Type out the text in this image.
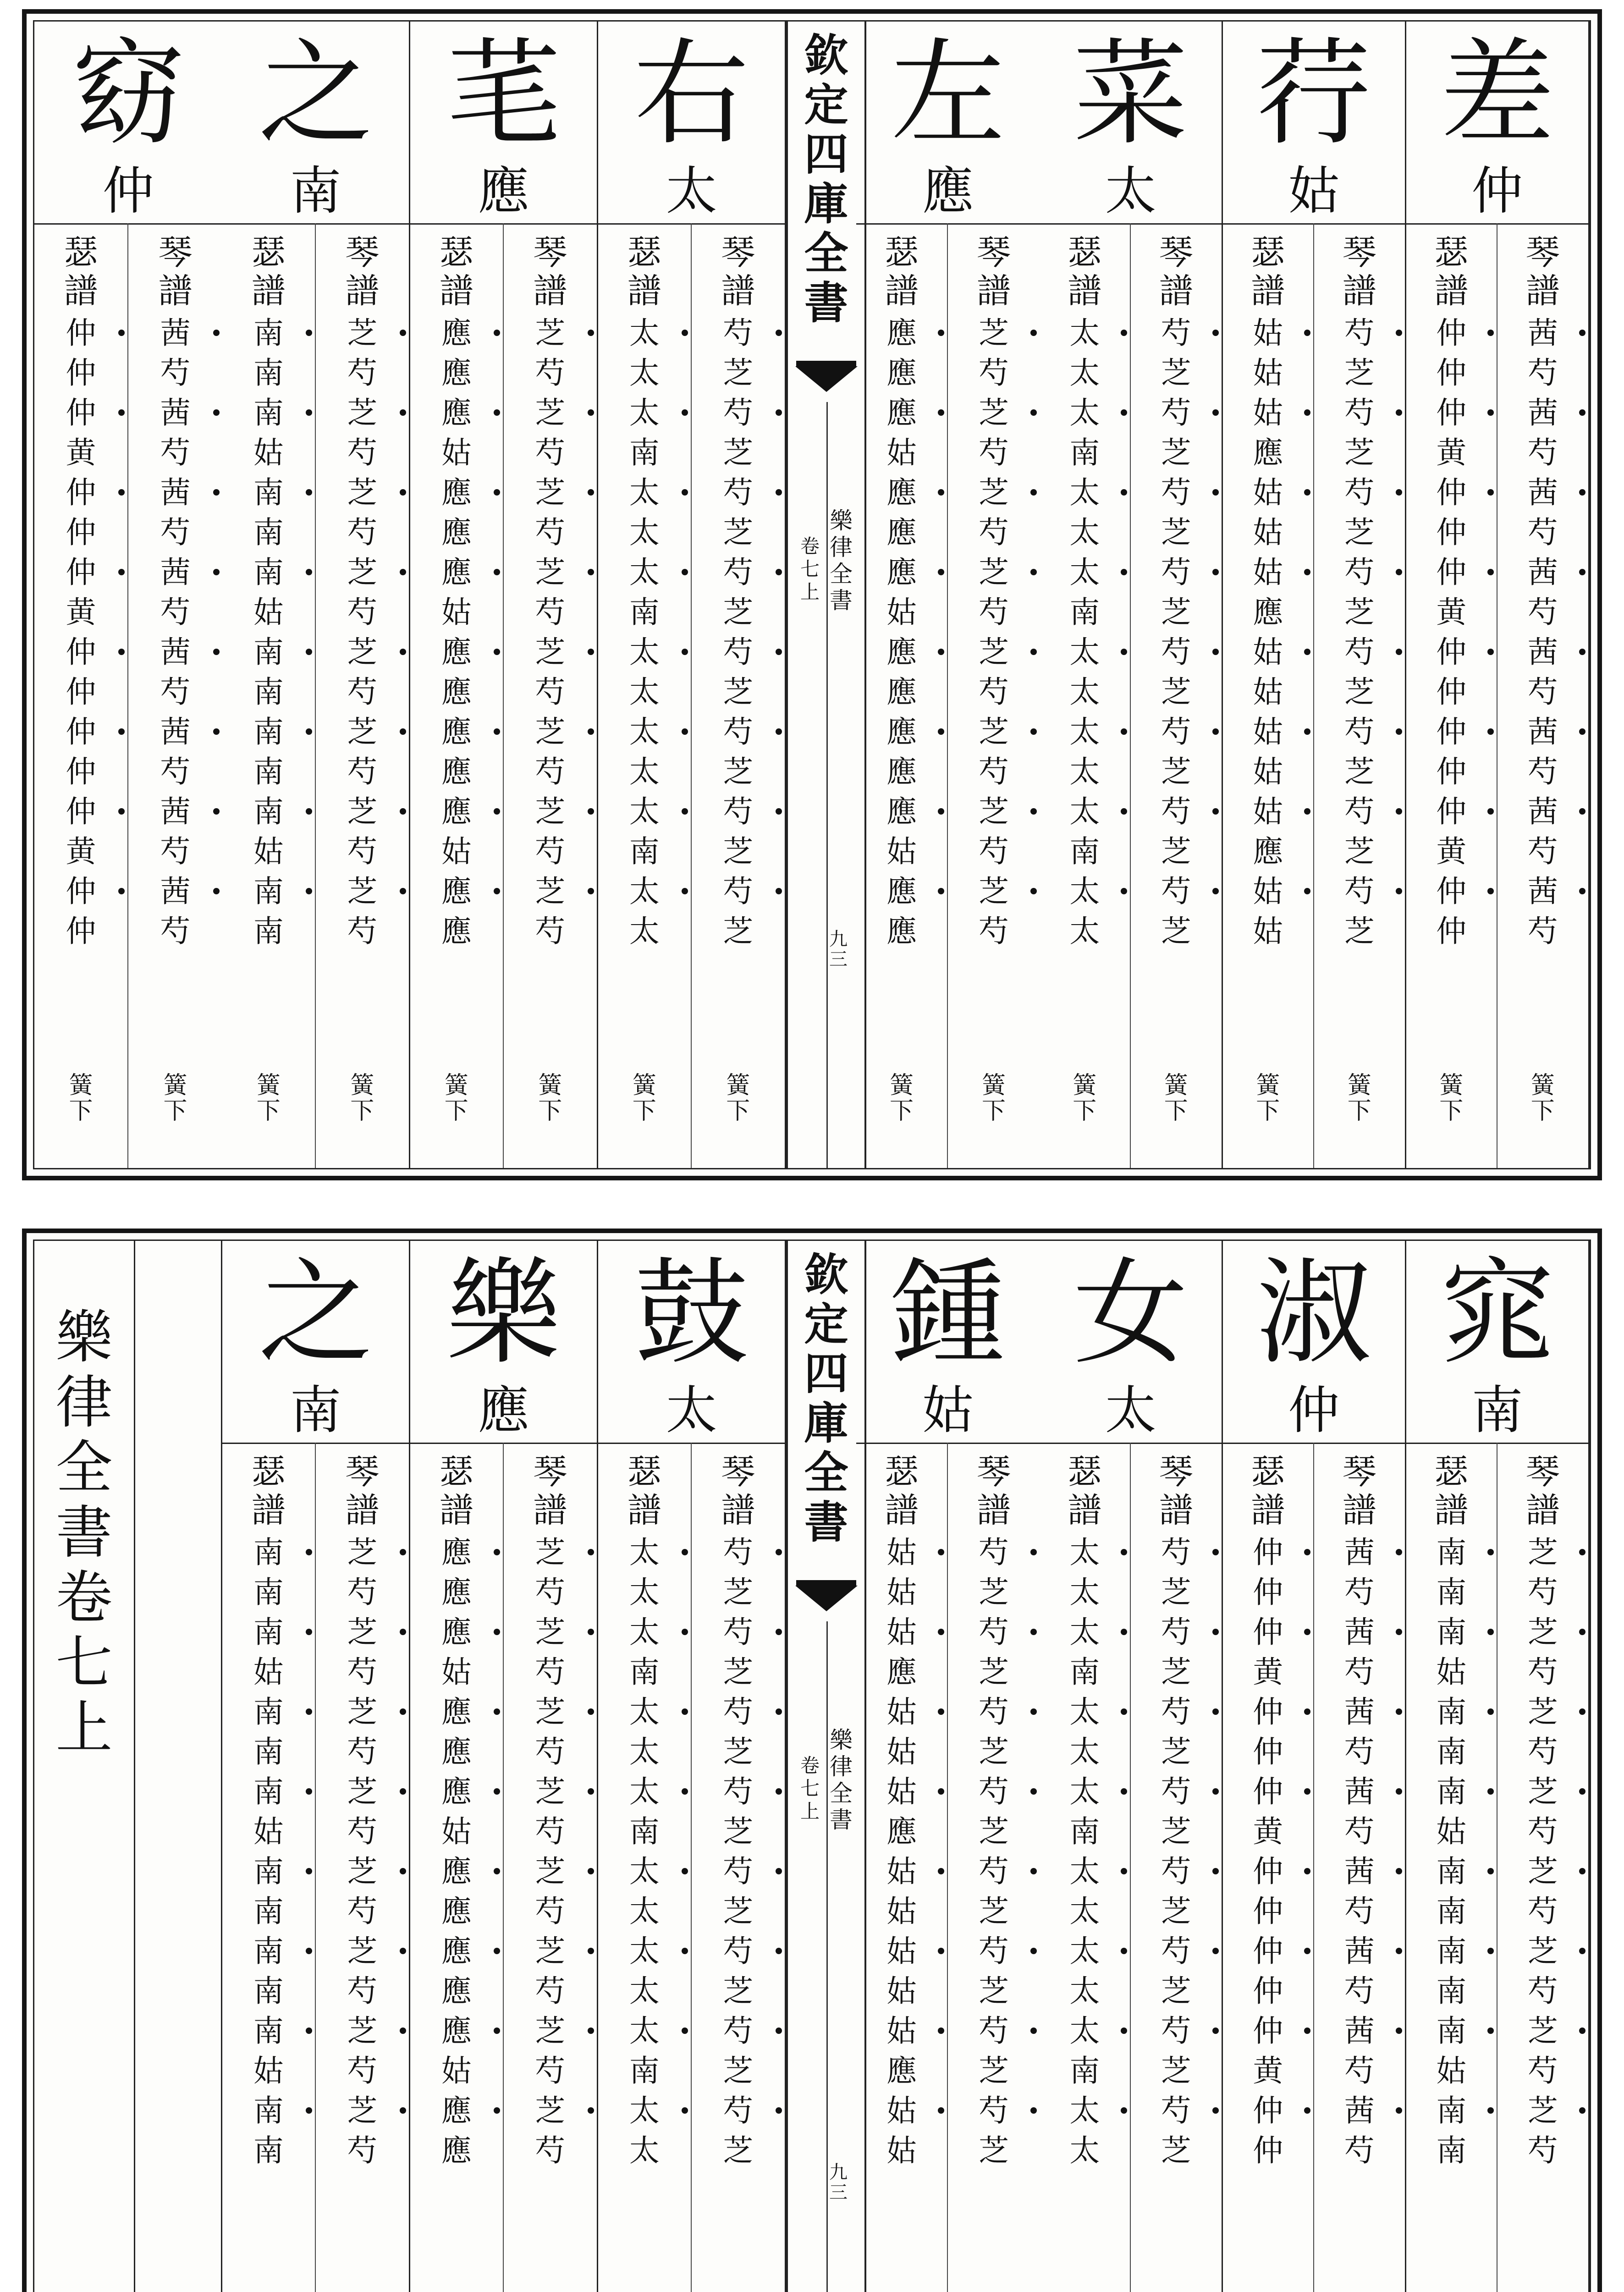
右
太
琴
譜
芍
芝
芍
芝
芍
芝
芍
芝
芍
芝
芍
芝
芍
芝
芍
芝
簧
下
瑟
譜
太
太
太
南
太
太
太
南
太
太
太
太
太
南
太
太
簧
下
芼
應
琴
譜
芝
芍
芝
芍
芝
芍
芝
芍
芝
芍
芝
芍
芝
芍
芝
芍
簧
下
瑟
譜
應
應
應
姑
應
應
應
姑
應
應
應
應
應
姑
應
應
簧
下
之
南
琴
譜
芝
芍
芝
芍
芝
芍
芝
芍
芝
芍
芝
芍
芝
芍
芝
芍
簧
下
瑟
譜
南
南
南
姑
南
南
南
姑
南
南
南
南
南
姑
南
南
簧
下
窈
仲
琴
譜
茜
芍
茜
芍
茜
芍
茜
芍
茜
芍
茜
芍
茜
芍
茜
芍
簧
下
瑟
譜
仲
仲
仲
黄
仲
仲
仲
黄
仲
仲
仲
仲
仲
黄
仲
仲
簧
下
欽
定
四
庫
全
書
樂
律
全
書
卷
七
上
九
三
差
仲
琴
譜
茜
芍
茜
芍
茜
芍
茜
芍
茜
芍
茜
芍
茜
芍
茜
芍
簧
下
瑟
譜
仲
仲
仲
黄
仲
仲
仲
黄
仲
仲
仲
仲
仲
黄
仲
仲
簧
下
荇
姑
琴
譜
芍
芝
芍
芝
芍
芝
芍
芝
芍
芝
芍
芝
芍
芝
芍
芝
簧
下
瑟
譜
姑
姑
姑
應
姑
姑
姑
應
姑
姑
姑
姑
姑
應
姑
姑
簧
下
菜
太
琴
譜
芍
芝
芍
芝
芍
芝
芍
芝
芍
芝
芍
芝
芍
芝
芍
芝
簧
下
瑟
譜
太
太
太
南
太
太
太
南
太
太
太
太
太
南
太
太
簧
下
左
應
琴
譜
芝
芍
芝
芍
芝
芍
芝
芍
芝
芍
芝
芍
芝
芍
芝
芍
簧
下
瑟
譜
應
應
應
姑
應
應
應
姑
應
應
應
應
應
姑
應
應
簧
下
鼓
太
琴
譜
芍
芝
芍
芝
芍
芝
芍
芝
芍
芝
芍
芝
芍
芝
芍
芝
瑟
譜
太
太
太
南
太
太
太
南
太
太
太
太
太
南
太
太
樂
應
琴
譜
芝
芍
芝
芍
芝
芍
芝
芍
芝
芍
芝
芍
芝
芍
芝
芍
瑟
譜
應
應
應
姑
應
應
應
姑
應
應
應
應
應
姑
應
應
之
南
琴
譜
芝
芍
芝
芍
芝
芍
芝
芍
芝
芍
芝
芍
芝
芍
芝
芍
瑟
譜
南
南
南
姑
南
南
南
姑
南
南
南
南
南
姑
南
南
樂
律
全
書
卷
七
上
欽
定
四
庫
全
書
樂
律
全
書
卷
七
上
九
三
窕
南
琴
譜
芝
芍
芝
芍
芝
芍
芝
芍
芝
芍
芝
芍
芝
芍
芝
芍
瑟
譜
南
南
南
姑
南
南
南
姑
南
南
南
南
南
姑
南
南
淑
仲
琴
譜
茜
芍
茜
芍
茜
芍
茜
芍
茜
芍
茜
芍
茜
芍
茜
芍
瑟
譜
仲
仲
仲
黄
仲
仲
仲
黄
仲
仲
仲
仲
仲
黄
仲
仲
女
太
琴
譜
芍
芝
芍
芝
芍
芝
芍
芝
芍
芝
芍
芝
芍
芝
芍
芝
瑟
譜
太
太
太
南
太
太
太
南
太
太
太
太
太
南
太
太
鍾
姑
琴
譜
芍
芝
芍
芝
芍
芝
芍
芝
芍
芝
芍
芝
芍
芝
芍
芝
瑟
譜
姑
姑
姑
應
姑
姑
姑
應
姑
姑
姑
姑
姑
應
姑
姑
